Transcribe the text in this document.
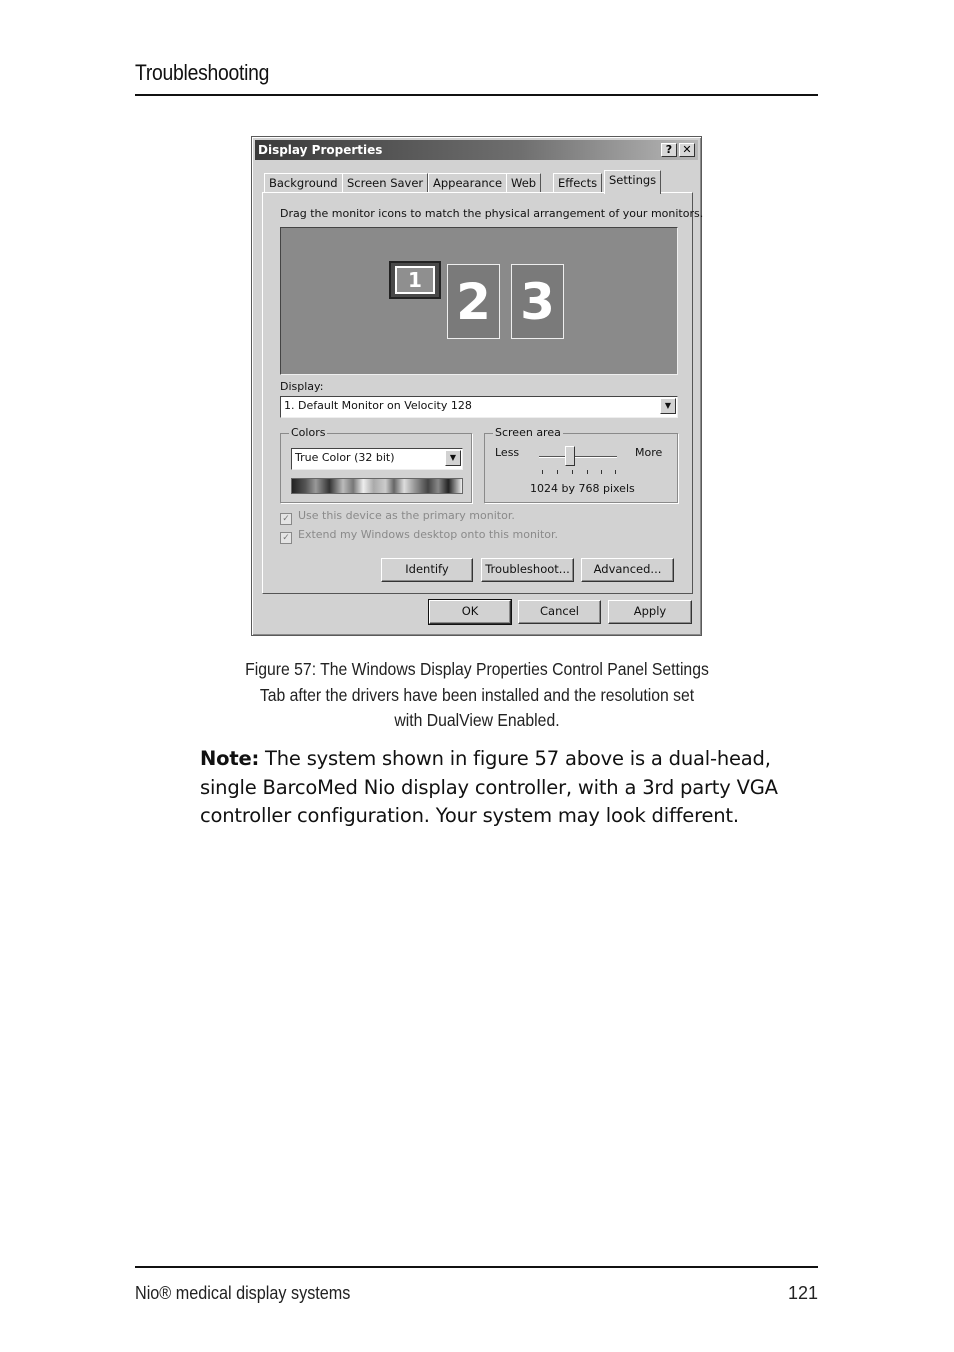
Troubleshooting
Display Properties	? ✕
Background Screen Saver Appearance Web	Effects	Settings
Drag the monitor icons to match the physical arrangement of your monitors.
1 2 3
Display:
1. Default Monitor on Velocity 128	▼
Colors
True Color (32 bit)	▼
Screen area
Less	More
1024 by 768 pixels
✓ Use this device as the primary monitor.
✓ Extend my Windows desktop onto this monitor.
Identify	Troubleshoot...	Advanced...
OK	Cancel	Apply
Figure 57: The Windows Display Properties Control Panel Settings
Tab after the drivers have been installed and the resolution set
with DualView Enabled.
Note: The system shown in figure 57 above is a dual-head, single BarcoMed Nio display controller, with a 3rd party VGA controller configuration. Your system may look different.
Nio® medical display systems	121
